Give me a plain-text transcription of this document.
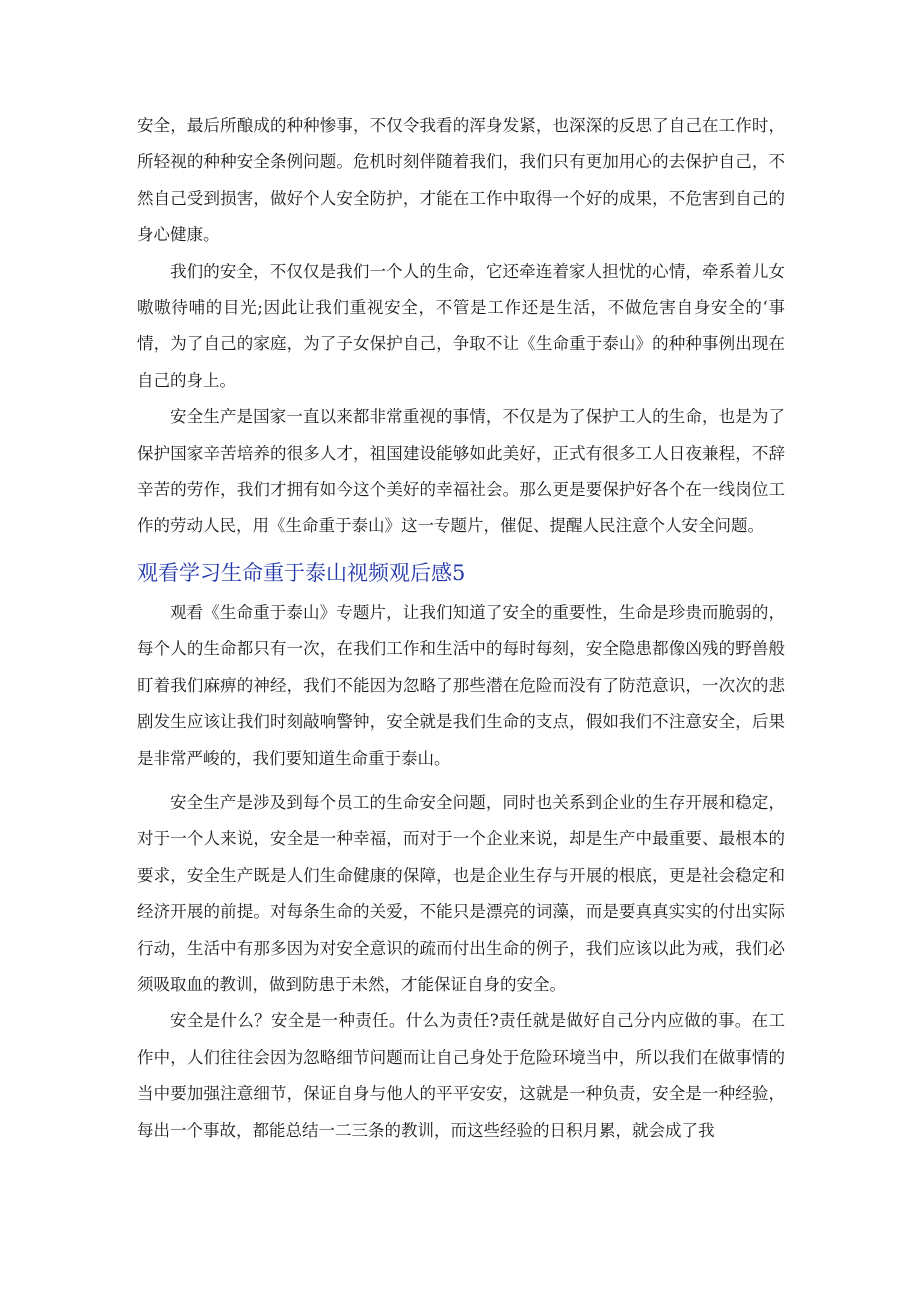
安全，最后所酿成的种种惨事，不仅令我看的浑身发紧，也深深的反思了自己在工作时，所轻视的种种安全条例问题。危机时刻伴随着我们，我们只有更加用心的去保护自己，不然自己受到损害，做好个人安全防护，才能在工作中取得一个好的成果，不危害到自己的身心健康。

我们的安全，不仅仅是我们一个人的生命，它还牵连着家人担忧的心情，牵系着儿女嗷嗷待哺的目光;因此让我们重视安全，不管是工作还是生活，不做危害自身安全的‘事情，为了自己的家庭，为了子女保护自己，争取不让《生命重于泰山》的种种事例出现在自己的身上。

安全生产是国家一直以来都非常重视的事情，不仅是为了保护工人的生命，也是为了保护国家辛苦培养的很多人才，祖国建设能够如此美好，正式有很多工人日夜兼程，不辞辛苦的劳作，我们才拥有如今这个美好的幸福社会。那么更是要保护好各个在一线岗位工作的劳动人民，用《生命重于泰山》这一专题片，催促、提醒人民注意个人安全问题。

观看学习生命重于泰山视频观后感5

观看《生命重于泰山》专题片，让我们知道了安全的重要性，生命是珍贵而脆弱的，每个人的生命都只有一次，在我们工作和生活中的每时每刻，安全隐患都像凶残的野兽般盯着我们麻痹的神经，我们不能因为忽略了那些潜在危险而没有了防范意识，一次次的悲剧发生应该让我们时刻敲响警钟，安全就是我们生命的支点，假如我们不注意安全，后果是非常严峻的，我们要知道生命重于泰山。

安全生产是涉及到每个员工的生命安全问题，同时也关系到企业的生存开展和稳定，对于一个人来说，安全是一种幸福，而对于一个企业来说，却是生产中最重要、最根本的要求，安全生产既是人们生命健康的保障，也是企业生存与开展的根底，更是社会稳定和经济开展的前提。对每条生命的关爱，不能只是漂亮的词藻，而是要真真实实的付出实际行动，生活中有那多因为对安全意识的疏而付出生命的例子，我们应该以此为戒，我们必须吸取血的教训，做到防患于未然，才能保证自身的安全。

安全是什么？安全是一种责任。什么为责任?责任就是做好自己分内应做的事。在工作中，人们往往会因为忽略细节问题而让自己身处于危险环境当中，所以我们在做事情的当中要加强注意细节，保证自身与他人的平平安安，这就是一种负责，安全是一种经验，每出一个事故，都能总结一二三条的教训，而这些经验的日积月累，就会成了我
